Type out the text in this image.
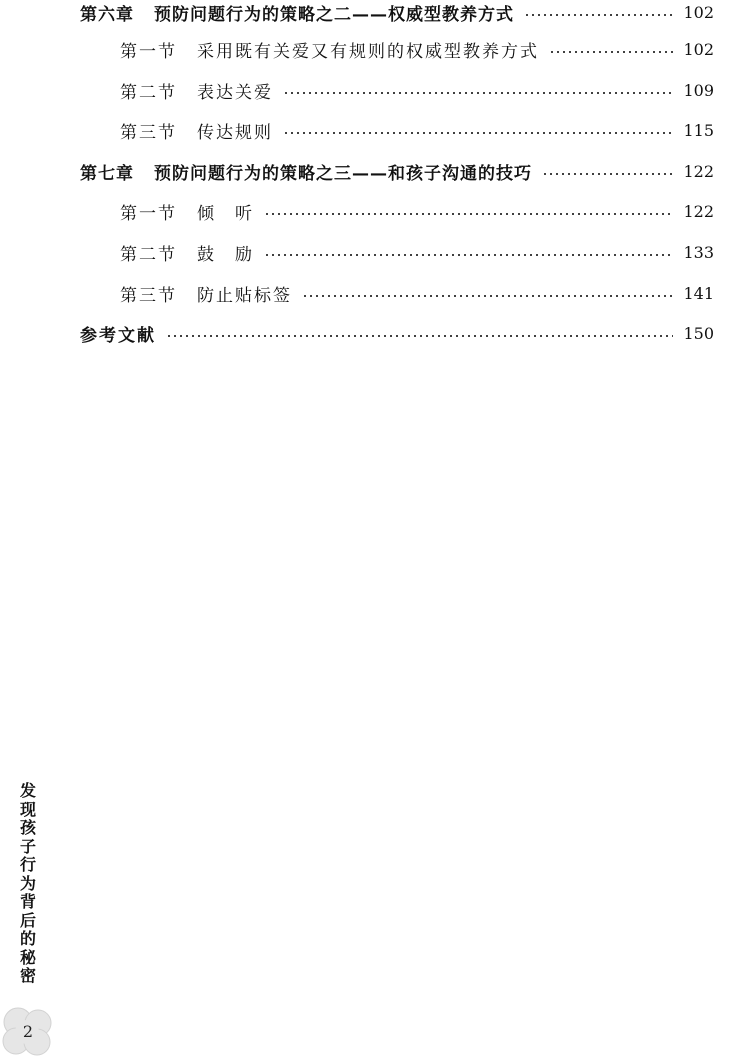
第六章 预防问题行为的策略之二——权威型教养方式	102
第一节 采用既有关爱又有规则的权威型教养方式	102
第二节 表达关爱	109
第三节 传达规则	115
第七章 预防问题行为的策略之三——和孩子沟通的技巧	122
第一节 倾　听	122
第二节 鼓　励	133
第三节 防止贴标签	141
参考文献	150
发
现
孩
子
行
为
背
后
的
秘
密
2
